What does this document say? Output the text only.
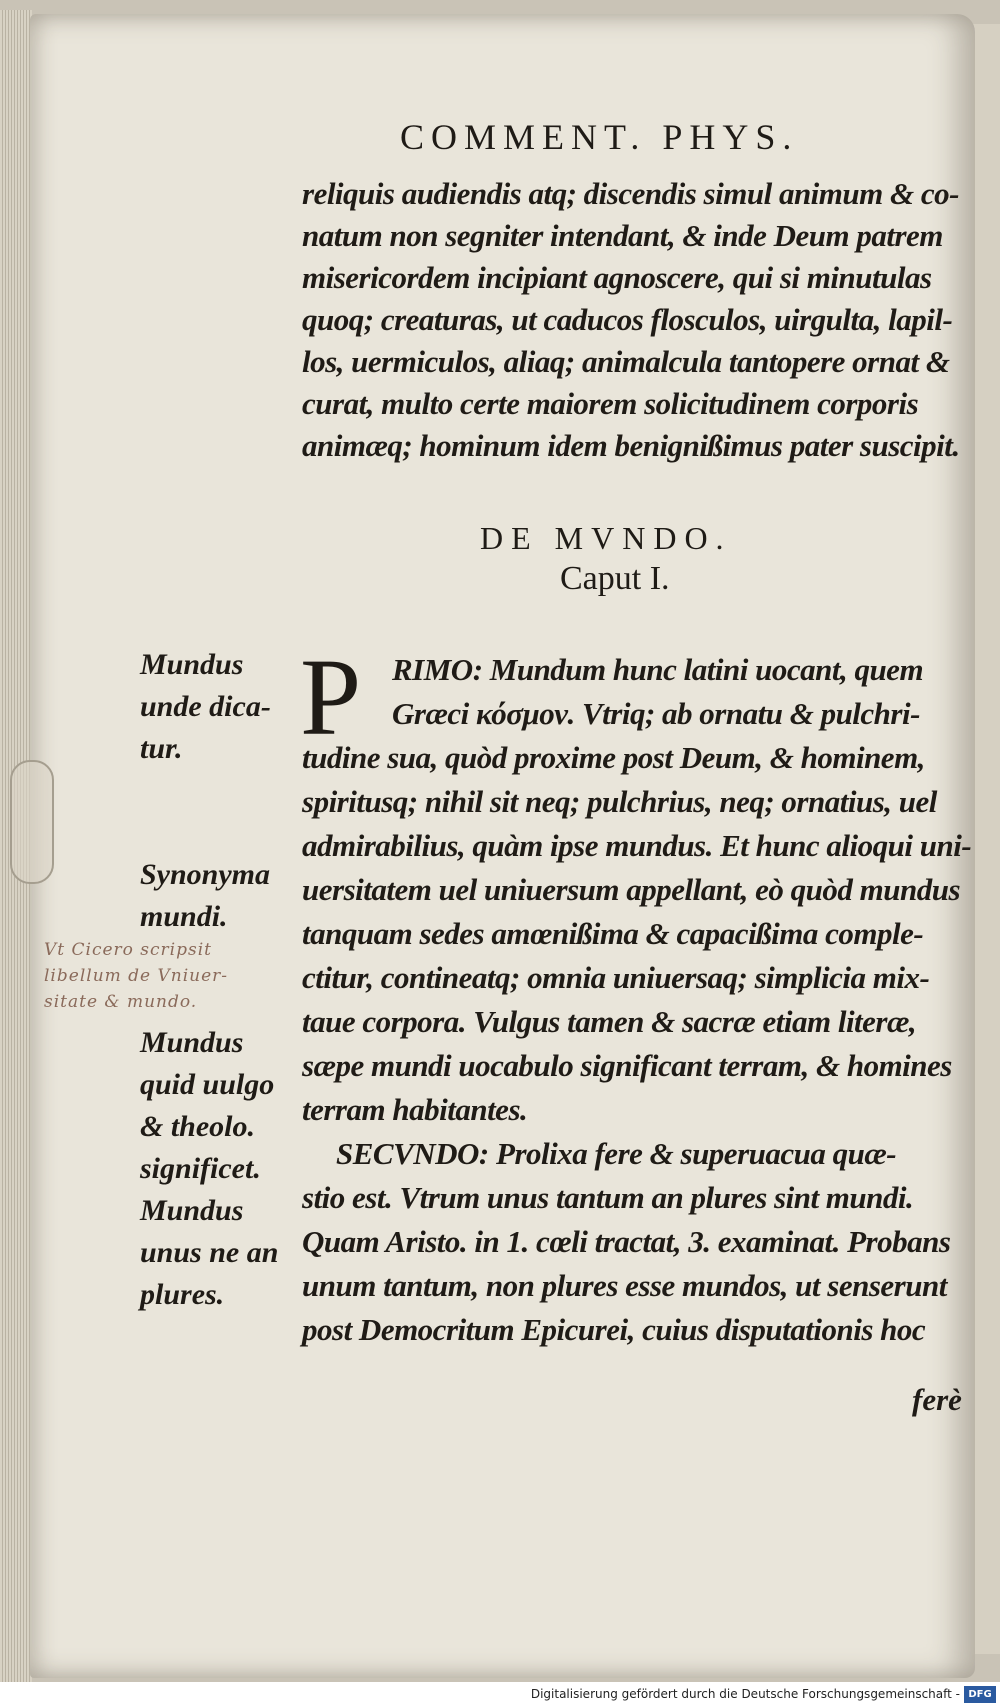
COMMENT. PHYS.
reliquis audiendis atq; discendis simul animum & co-
natum non segniter intendant, & inde Deum patrem
misericordem incipiant agnoscere, qui si minutulas
quoq; creaturas, ut caducos flosculos, uirgulta, lapil-
los, uermiculos, aliaq; animalcula tantopere ornat &
curat, multo certe maiorem solicitudinem corporis
animæq; hominum idem benignißimus pater suscipit.
DE MVNDO.
Caput I.
P RIMO: Mundum hunc latini uocant, quem
Græci κόσμον. Vtriq; ab ornatu & pulchri-
tudine sua, quòd proxime post Deum, & hominem,
spiritusq; nihil sit neq; pulchrius, neq; ornatius, uel
admirabilius, quàm ipse mundus. Et hunc alioqui uni-
uersitatem uel uniuersum appellant, eò quòd mundus
tanquam sedes amœnißima & capacißima comple-
ctitur, contineatq; omnia uniuersaq; simplicia mix-
taue corpora. Vulgus tamen & sacræ etiam literæ,
sæpe mundi uocabulo significant terram, & homines
terram habitantes.
SECVNDO: Prolixa fere & superuacua quæ-
stio est. Vtrum unus tantum an plures sint mundi.
Quam Aristo. in 1. cœli tractat, 3. examinat. Probans
unum tantum, non plures esse mundos, ut senserunt
post Democritum Epicurei, cuius disputationis hoc
ferè
Mundus
unde dica-
tur.
Synonyma
mundi.
Mundus
quid uulgo
& theolo.
significet.
Mundus
unus ne an
plures.
Vt Cicero scripsit
libellum de Vniuer-
sitate & mundo.
Digitalisierung gefördert durch die Deutsche Forschungsgemeinschaft - DFG
